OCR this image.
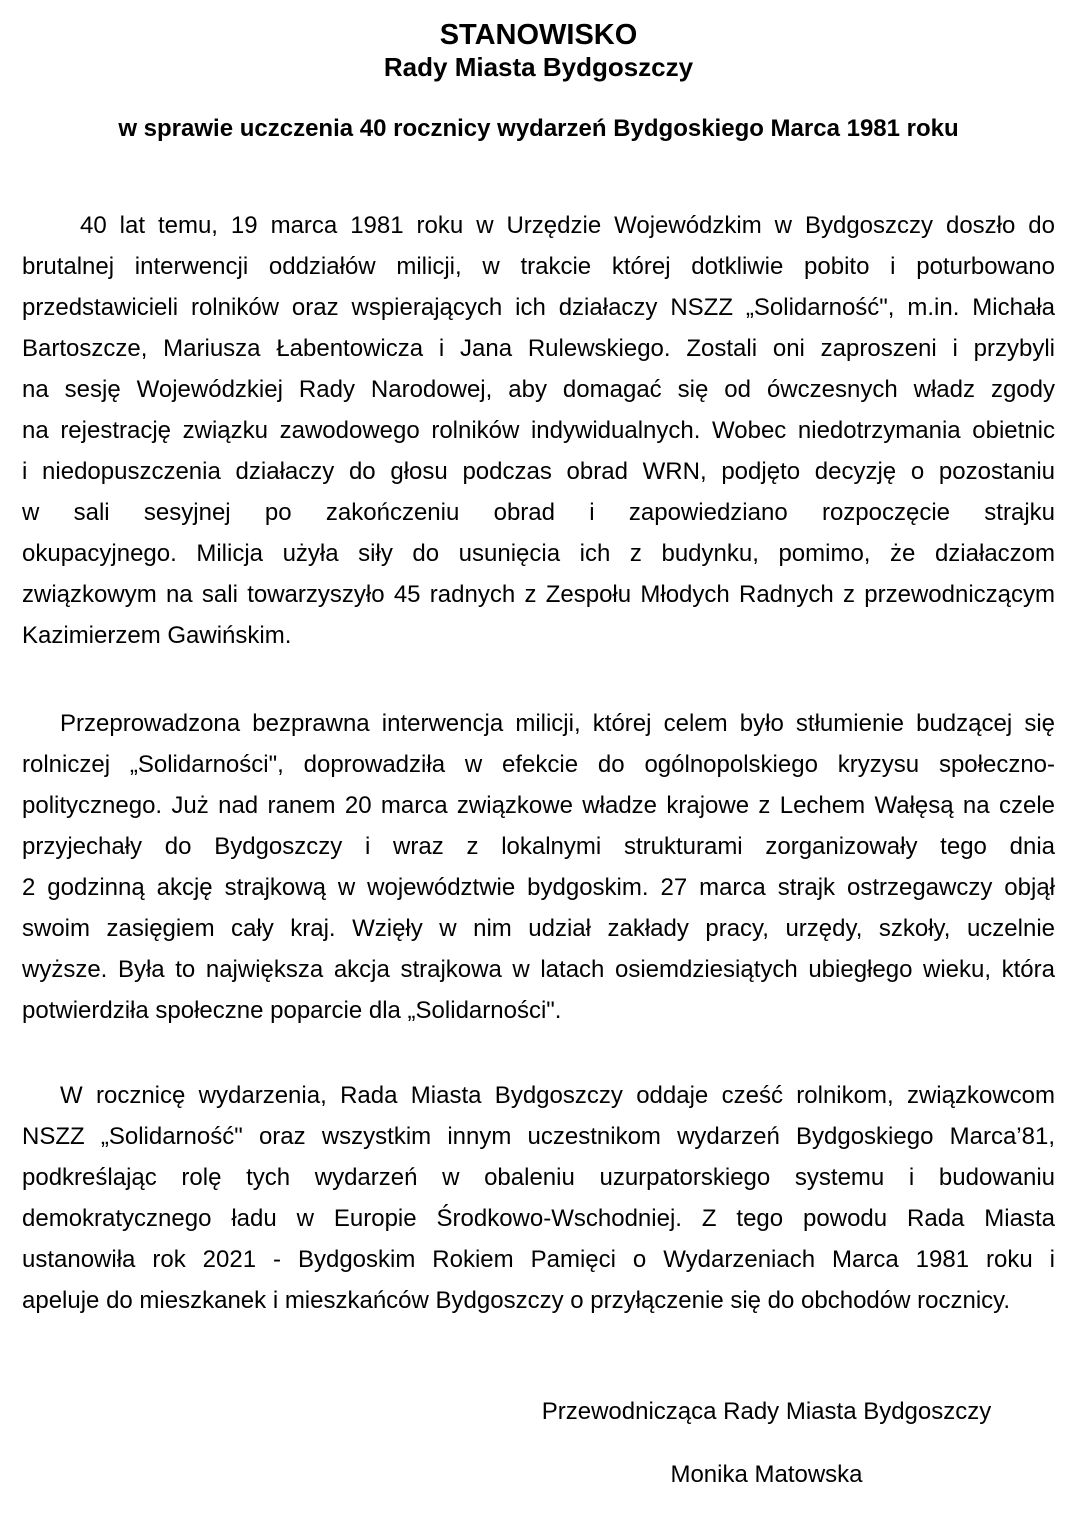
STANOWISKO
Rady Miasta Bydgoszczy
w sprawie uczczenia 40 rocznicy wydarzeń Bydgoskiego Marca 1981 roku
40 lat temu, 19 marca 1981 roku w Urzędzie Wojewódzkim w Bydgoszczy doszło do
brutalnej interwencji oddziałów milicji, w trakcie której dotkliwie pobito i poturbowano
przedstawicieli rolników oraz wspierających ich działaczy NSZZ „Solidarność", m.in. Michała
Bartoszcze, Mariusza Łabentowicza i Jana Rulewskiego. Zostali oni zaproszeni i przybyli
na sesję Wojewódzkiej Rady Narodowej, aby domagać się od ówczesnych władz zgody
na rejestrację związku zawodowego rolników indywidualnych. Wobec niedotrzymania obietnic
i niedopuszczenia działaczy do głosu podczas obrad WRN, podjęto decyzję o pozostaniu
w sali sesyjnej po zakończeniu obrad i zapowiedziano rozpoczęcie strajku
okupacyjnego. Milicja użyła siły do usunięcia ich z budynku, pomimo, że działaczom
związkowym na sali towarzyszyło 45 radnych z Zespołu Młodych Radnych z przewodniczącym
Kazimierzem Gawińskim.
Przeprowadzona bezprawna interwencja milicji, której celem było stłumienie budzącej się
rolniczej „Solidarności", doprowadziła w efekcie do ogólnopolskiego kryzysu społeczno-
politycznego. Już nad ranem 20 marca związkowe władze krajowe z Lechem Wałęsą na czele
przyjechały do Bydgoszczy i wraz z lokalnymi strukturami zorganizowały tego dnia
2 godzinną akcję strajkową w województwie bydgoskim. 27 marca strajk ostrzegawczy objął
swoim zasięgiem cały kraj. Wzięły w nim udział zakłady pracy, urzędy, szkoły, uczelnie
wyższe. Była to największa akcja strajkowa w latach osiemdziesiątych ubiegłego wieku, która
potwierdziła społeczne poparcie dla „Solidarności".
W rocznicę wydarzenia, Rada Miasta Bydgoszczy oddaje cześć rolnikom, związkowcom
NSZZ „Solidarność" oraz wszystkim innym uczestnikom wydarzeń Bydgoskiego Marca’81,
podkreślając rolę tych wydarzeń w obaleniu uzurpatorskiego systemu i budowaniu
demokratycznego ładu w Europie Środkowo-Wschodniej. Z tego powodu Rada Miasta
ustanowiła rok 2021 - Bydgoskim Rokiem Pamięci o Wydarzeniach Marca 1981 roku i
apeluje do mieszkanek i mieszkańców Bydgoszczy o przyłączenie się do obchodów rocznicy.
Przewodnicząca Rady Miasta Bydgoszczy
Monika Matowska
